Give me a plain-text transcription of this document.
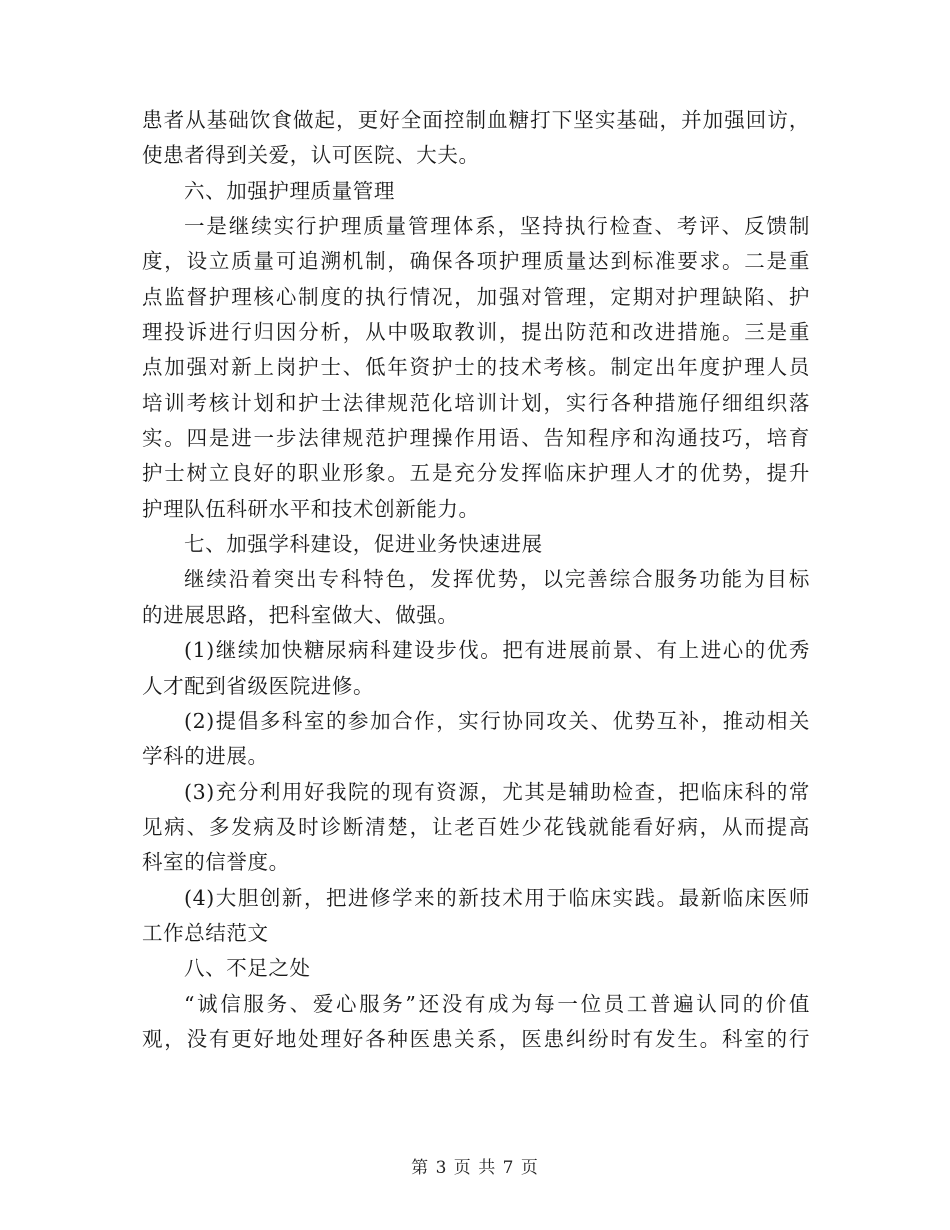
患者从基础饮食做起，更好全面控制血糖打下坚实基础，并加强回访，
使患者得到关爱，认可医院、大夫。
六、加强护理质量管理
一是继续实行护理质量管理体系，坚持执行检查、考评、反馈制
度，设立质量可追溯机制，确保各项护理质量达到标准要求。二是重
点监督护理核心制度的执行情况，加强对管理，定期对护理缺陷、护
理投诉进行归因分析，从中吸取教训，提出防范和改进措施。三是重
点加强对新上岗护士、低年资护士的技术考核。制定出年度护理人员
培训考核计划和护士法律规范化培训计划，实行各种措施仔细组织落
实。四是进一步法律规范护理操作用语、告知程序和沟通技巧，培育
护士树立良好的职业形象。五是充分发挥临床护理人才的优势，提升
护理队伍科研水平和技术创新能力。
七、加强学科建设，促进业务快速进展
继续沿着突出专科特色，发挥优势，以完善综合服务功能为目标
的进展思路，把科室做大、做强。
(1)继续加快糖尿病科建设步伐。把有进展前景、有上进心的优秀
人才配到省级医院进修。
(2)提倡多科室的参加合作，实行协同攻关、优势互补，推动相关
学科的进展。
(3)充分利用好我院的现有资源，尤其是辅助检查，把临床科的常
见病、多发病及时诊断清楚，让老百姓少花钱就能看好病，从而提高
科室的信誉度。
(4)大胆创新，把进修学来的新技术用于临床实践。最新临床医师
工作总结范文
八、不足之处
“诚信服务、爱心服务”还没有成为每一位员工普遍认同的价值
观，没有更好地处理好各种医患关系，医患纠纷时有发生。科室的行
第 3 页 共 7 页
